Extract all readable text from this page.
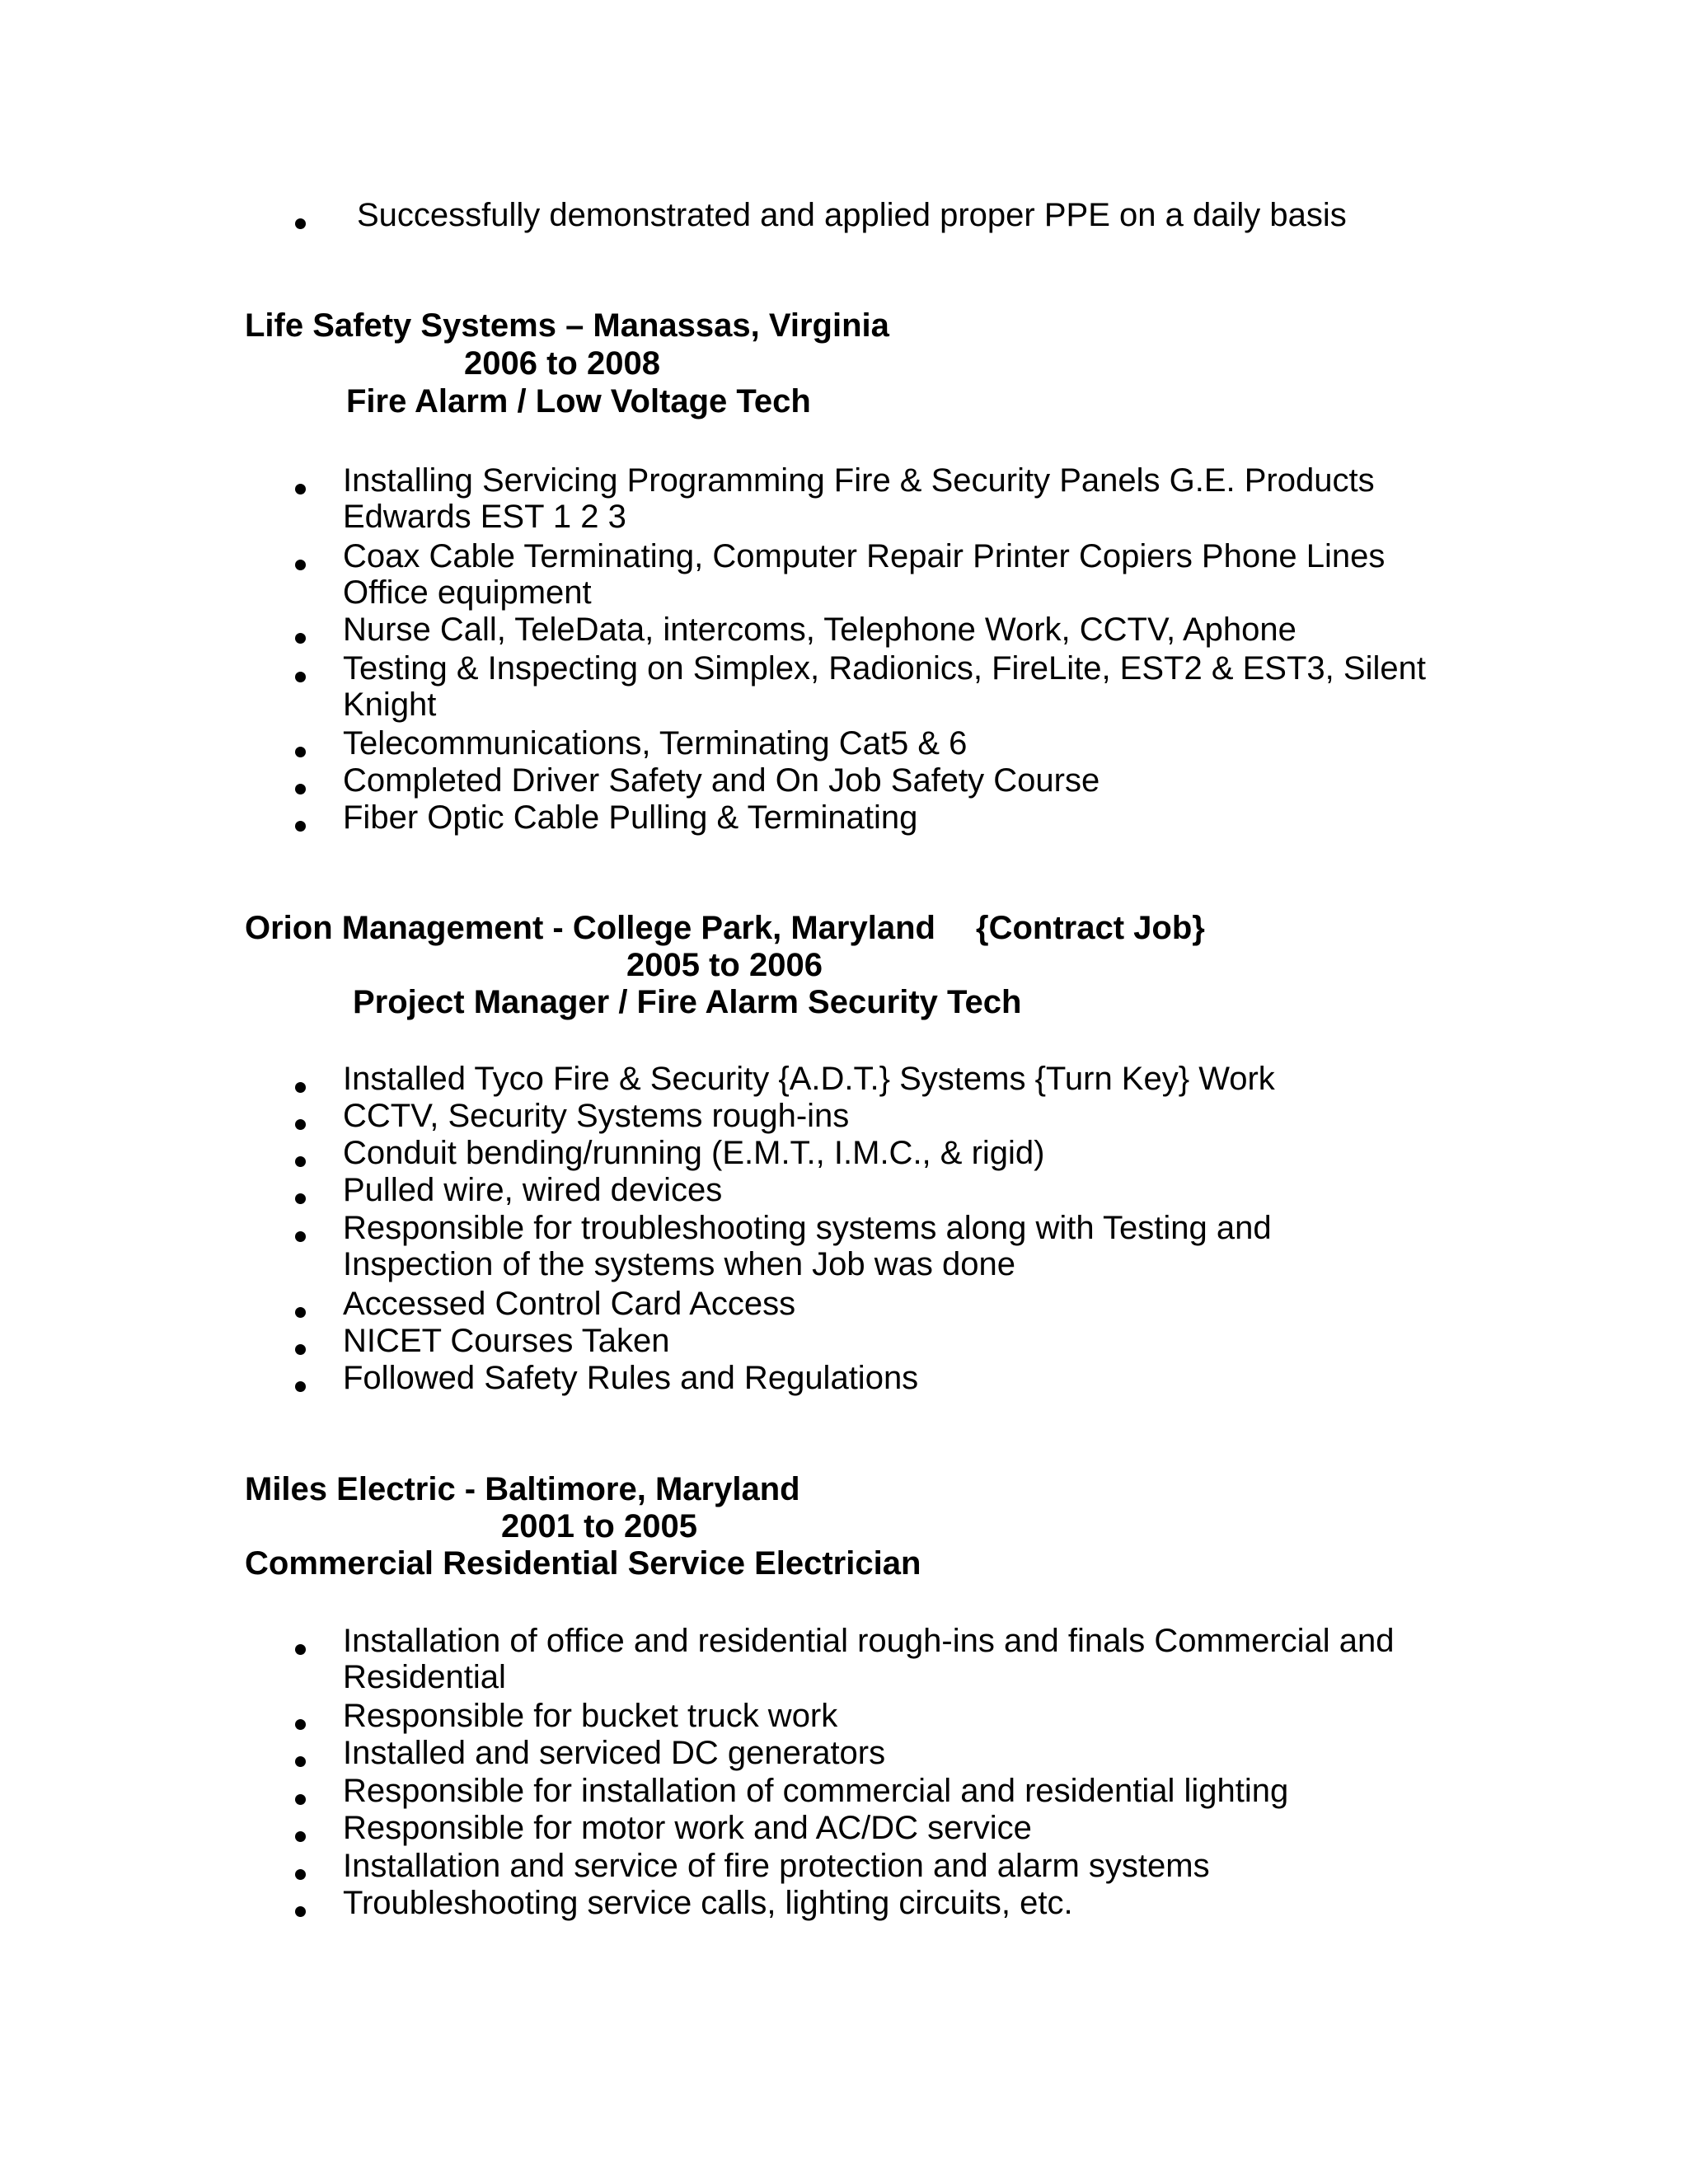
Successfully demonstrated and applied proper PPE on a daily basis
Life Safety Systems – Manassas, Virginia
2006 to 2008
Fire Alarm / Low Voltage Tech
Installing Servicing Programming Fire & Security Panels G.E. Products
Edwards EST 1 2 3
Coax Cable Terminating, Computer Repair Printer Copiers Phone Lines
Office equipment
Nurse Call, TeleData, intercoms, Telephone Work, CCTV, Aphone
Testing & Inspecting on Simplex, Radionics, FireLite, EST2 & EST3, Silent
Knight
Telecommunications, Terminating Cat5 & 6
Completed Driver Safety and On Job Safety Course
Fiber Optic Cable Pulling & Terminating
Orion Management - College Park, Maryland {Contract Job}
2005 to 2006
Project Manager / Fire Alarm Security Tech
Installed Tyco Fire & Security {A.D.T.} Systems {Turn Key} Work
CCTV, Security Systems rough-ins
Conduit bending/running (E.M.T., I.M.C., & rigid)
Pulled wire, wired devices
Responsible for troubleshooting systems along with Testing and
Inspection of the systems when Job was done
Accessed Control Card Access
NICET Courses Taken
Followed Safety Rules and Regulations
Miles Electric - Baltimore, Maryland
2001 to 2005
Commercial Residential Service Electrician
Installation of office and residential rough-ins and finals Commercial and
Residential
Responsible for bucket truck work
Installed and serviced DC generators
Responsible for installation of commercial and residential lighting
Responsible for motor work and AC/DC service
Installation and service of fire protection and alarm systems
Troubleshooting service calls, lighting circuits, etc.
